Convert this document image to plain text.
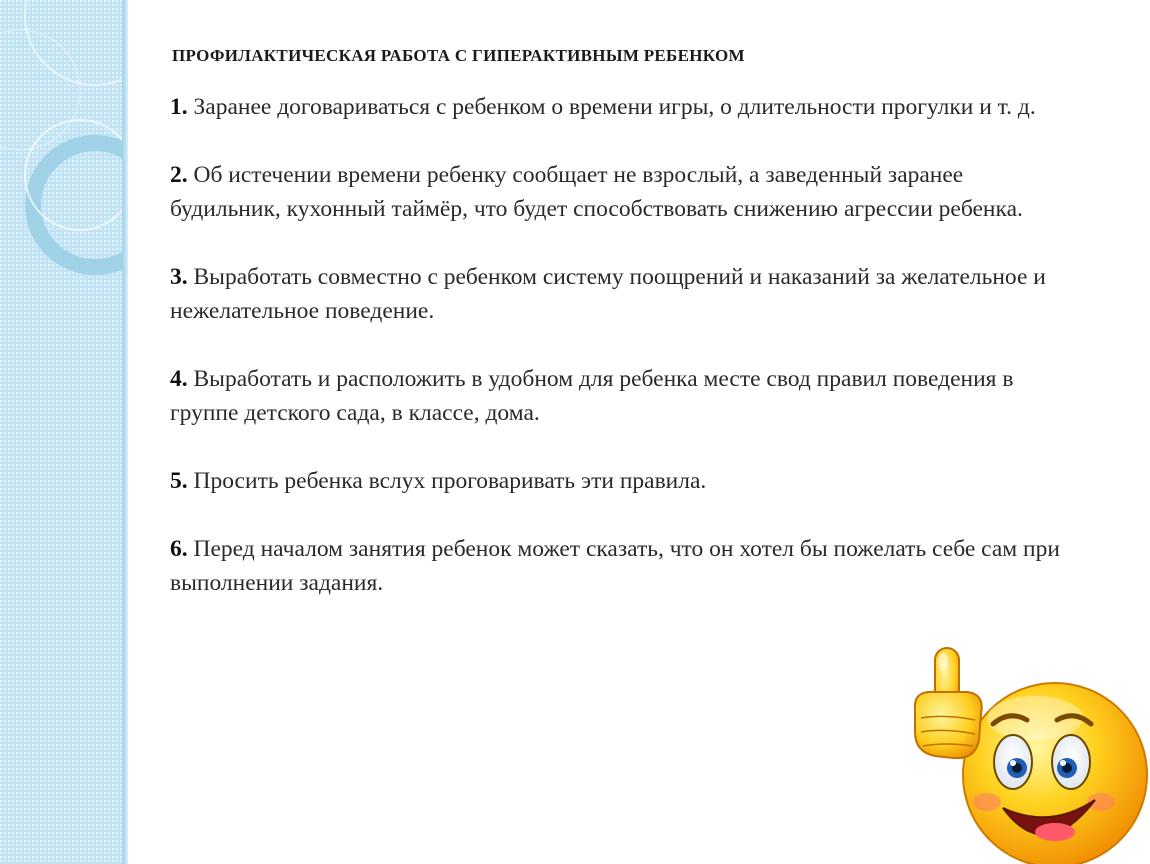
ПРОФИЛАКТИЧЕСКАЯ РАБОТА С ГИПЕРАКТИВНЫМ РЕБЕНКОМ
1. Заранее договариваться с ребенком о времени игры, о длительности прогулки и т. д.
2. Об истечении времени ребенку сообщает не взрослый, а заведенный заранее будильник, кухонный таймёр, что будет способствовать снижению агрессии ребенка.
3. Выработать совместно с ребенком систему поощрений и наказаний за желательное и нежелательное поведение.
4. Выработать и расположить в удобном для ребенка месте свод правил поведения в группе детского сада, в классе, дома.
5. Просить ребенка вслух проговаривать эти правила.
6. Перед началом занятия ребенок может сказать, что он хотел бы пожелать себе сам при выполнении задания.
